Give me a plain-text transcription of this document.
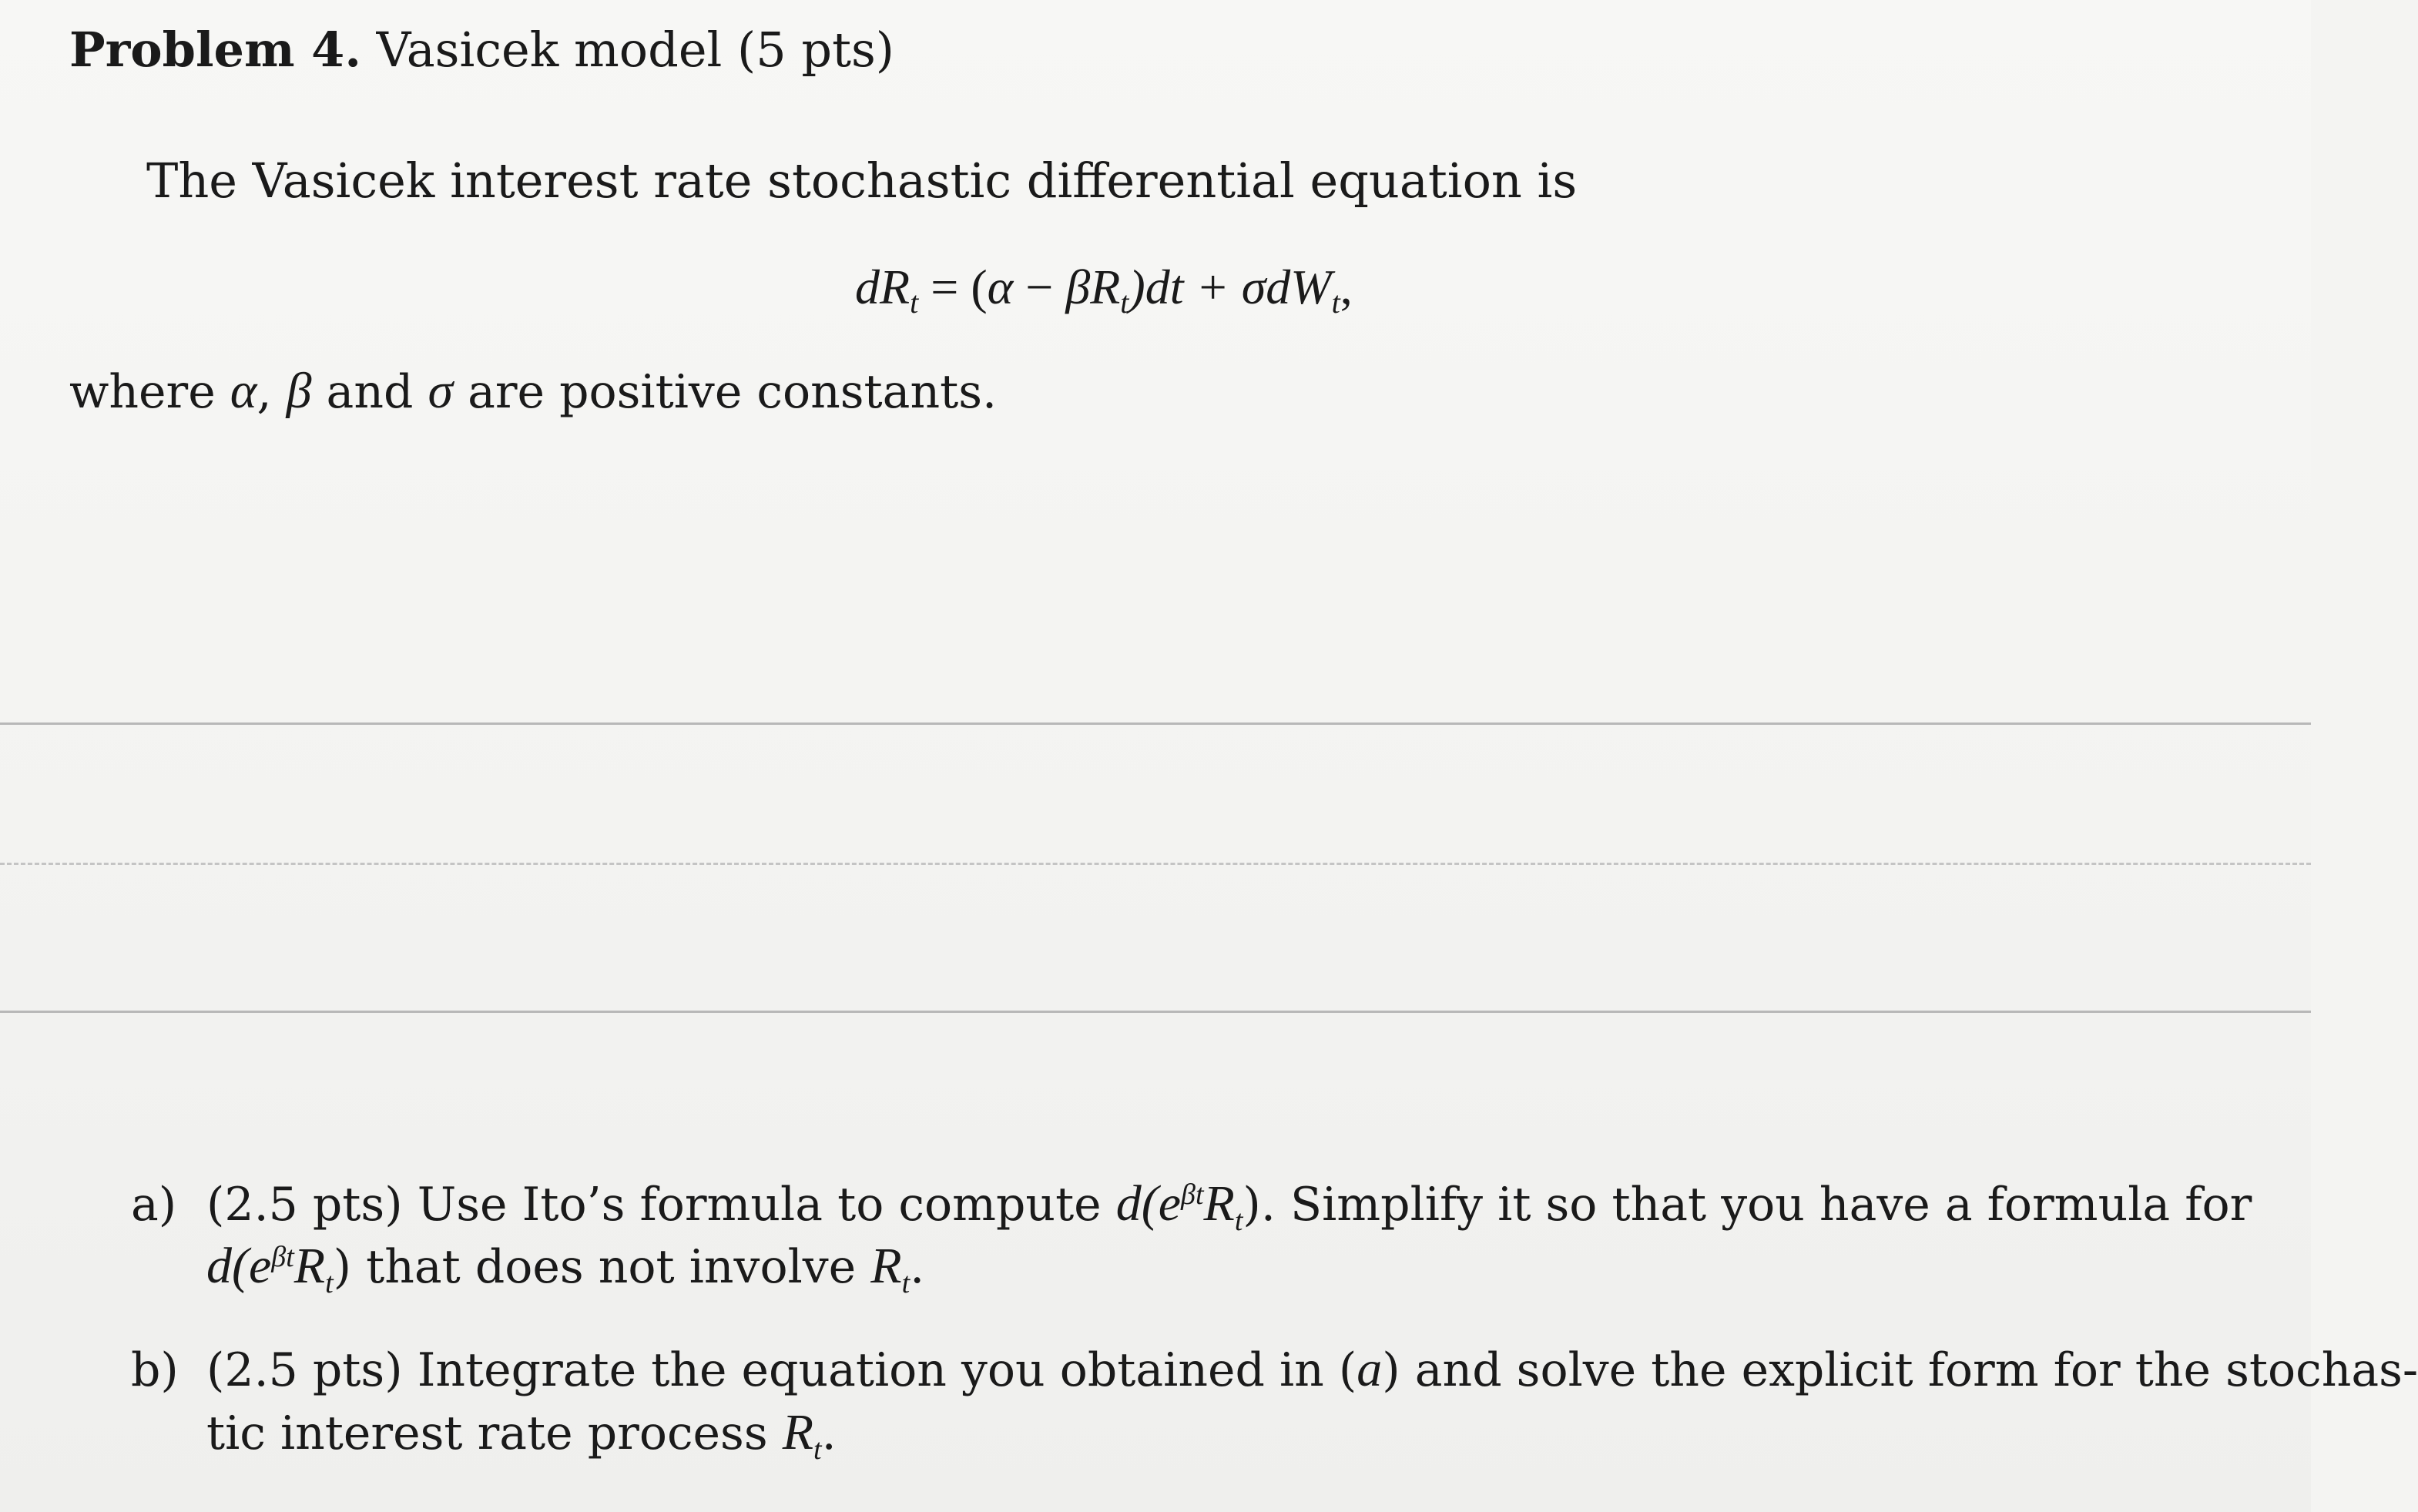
Problem 4. Vasicek model (5 pts)
The Vasicek interest rate stochastic differential equation is
$dR_t = (\alpha - \beta R_t)dt + \sigma dW_t$,
where α, β and σ are positive constants.
a) (2.5 pts) Use Ito’s formula to compute $d(e^{\beta t}R_t)$. Simplify it so that you have a formula for
$d(e^{\beta t}R_t)$ that does not involve $R_t$.
b) (2.5 pts) Integrate the equation you obtained in (a) and solve the explicit form for the stochas-
tic interest rate process $R_t$.
